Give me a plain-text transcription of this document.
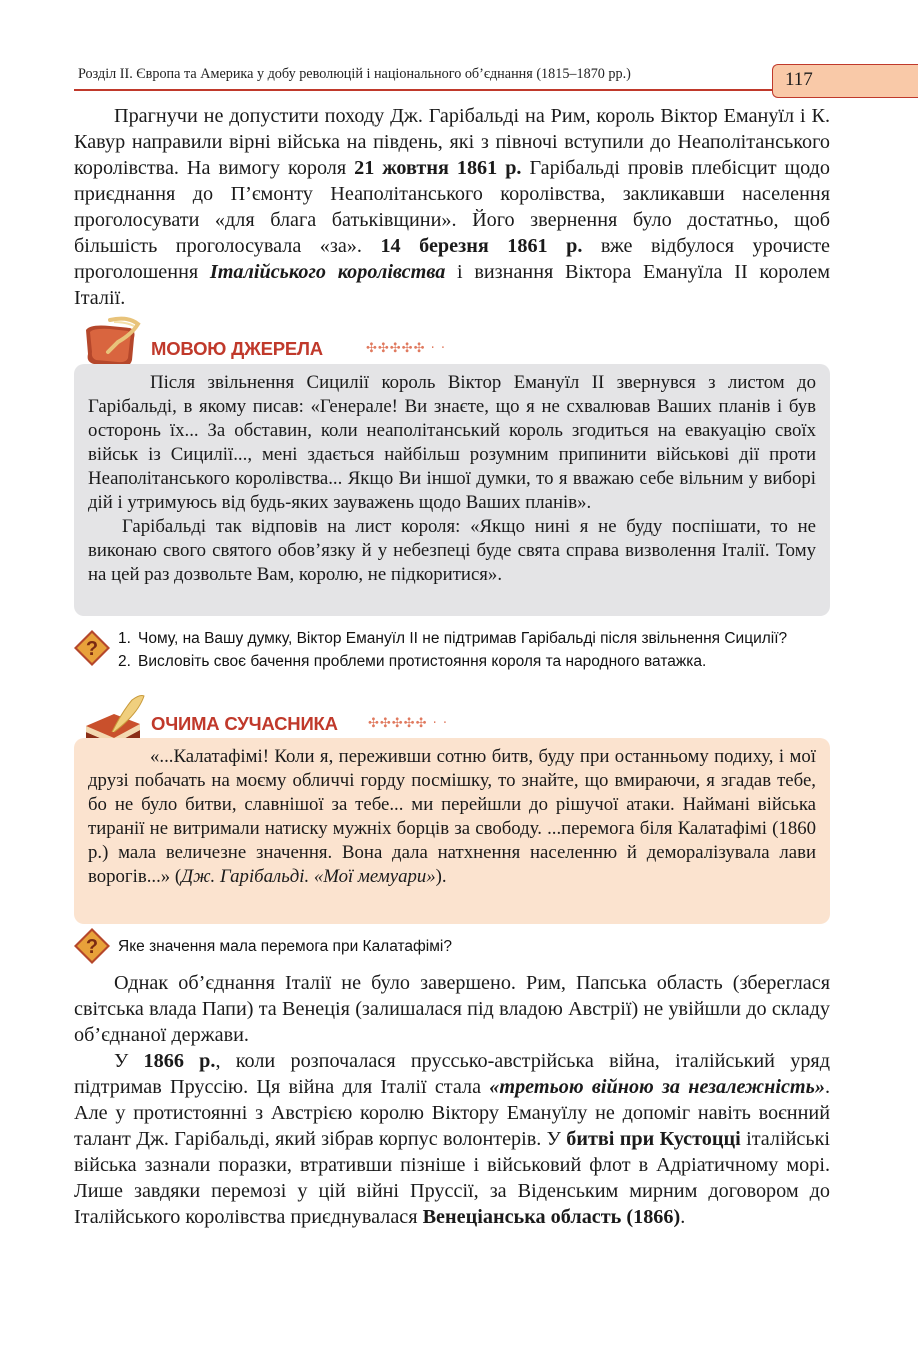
Розділ ІІ. Європа та Америка у добу революцій і національного об’єднання (1815–1870 рр.)	117

Прагнучи не допустити походу Дж. Гарібальді на Рим, король Віктор Емануїл і К. Кавур направили вірні війська на південь, які з півночі вступили до Неаполітанського королівства. На вимогу короля 21 жовтня 1861 р. Гарібальді провів плебісцит щодо приєднання до П’ємонту Неаполітанського королівства, закликавши населення проголосувати «для блага батьківщини». Його звернення було достатньо, щоб більшість проголосувала «за». 14 березня 1861 р. вже відбулося урочисте проголошення Італійського королівства і визнання Віктора Емануїла II королем Італії.

МОВОЮ ДЖЕРЕЛА	✣✣✣✣✣ · ·

Після звільнення Сицилії король Віктор Емануїл II звернувся з листом до Гарібальді, в якому писав: «Генерале! Ви знаєте, що я не схвалював Ваших планів і був осторонь їх... За обставин, коли неаполітанський король згодиться на евакуацію своїх військ із Сицилії..., мені здається найбільш розумним припинити військові дії проти Неаполітанського королівства... Якщо Ви іншої думки, то я вважаю себе вільним у виборі дій і утримуюсь від будь-яких зауважень щодо Ваших планів».

Гарібальді так відповів на лист короля: «Якщо нині я не буду поспішати, то не виконаю свого святого обов’язку й у небезпеці буде свята справа визволення Італії. Тому на цей раз дозвольте Вам, королю, не підкоритися».

? 1. Чому, на Вашу думку, Віктор Емануїл II не підтримав Гарібальді після звільнення Сицилії?
2. Висловіть своє бачення проблеми протистояння короля та народного ватажка.
ОЧИМА СУЧАСНИКА ✣✣✣✣✣ · ·

«...Калатафімі! Коли я, переживши сотню битв, буду при останньому подиху, і мої друзі побачать на моєму обличчі горду посмішку, то знайте, що вмираючи, я згадав тебе, бо не було битви, славнішої за тебе... ми перейшли до рішучої атаки. Наймані війська тиранії не витримали натиску мужніх борців за свободу. ...перемога біля Калатафімі (1860 р.) мала величезне значення. Вона дала натхнення населенню й деморалізувала лави ворогів...» (Дж. Гарібальді. «Мої мемуари»).

? Яке значення мала перемога при Калатафімі?

Однак об’єднання Італії не було завершено. Рим, Папська область (збереглася світська влада Папи) та Венеція (залишалася під владою Австрії) не увійшли до складу об’єднаної держави.

У 1866 р., коли розпочалася пруссько-австрійська війна, італійський уряд підтримав Пруссію. Ця війна для Італії стала «третьою війною за незалежність». Але у протистоянні з Австрією королю Віктору Емануїлу не допоміг навіть воєнний талант Дж. Гарібальді, який зібрав корпус волонтерів. У битві при Кустоцці італійські війська зазнали поразки, втративши пізніше і військовий флот в Адріатичному морі. Лише завдяки перемозі у цій війні Пруссії, за Віденським мирним договором до Італійського королівства приєднувалася Венеціанська область (1866).
